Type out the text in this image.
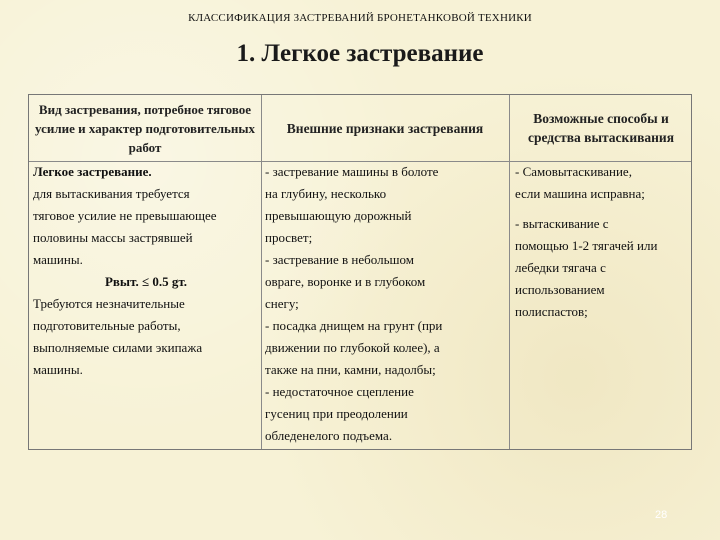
КЛАССИФИКАЦИЯ ЗАСТРЕВАНИЙ БРОНЕТАНКОВОЙ ТЕХНИКИ
1. Легкое застревание
Вид застревания, потребное тяговое усилие и характер подготовительных работ
Внешние признаки застревания
Возможные способы и средства вытаскивания

Легкое застревание.

для вытаскивания требуется

тяговое усилие не превышающее

половины массы застрявшей

машины.

Pвыт. ≤ 0.5 gт.

Требуются незначительные

подготовительные работы,

выполняемые силами экипажа

машины.

- застревание машины в болоте

на глубину, несколько

превышающую дорожный

просвет;

- застревание в небольшом

овраге, воронке и в глубоком

снегу;

- посадка днищем на грунт (при

движении по глубокой колее), а

также на пни, камни, надолбы;

- недостаточное сцепление

гусениц при преодолении

обледенелого подъема.

- Самовытаскивание,

если машина исправна;

- вытаскивание с

помощью 1-2 тягачей или

лебедки тягача с

использованием

полиспастов;

28
